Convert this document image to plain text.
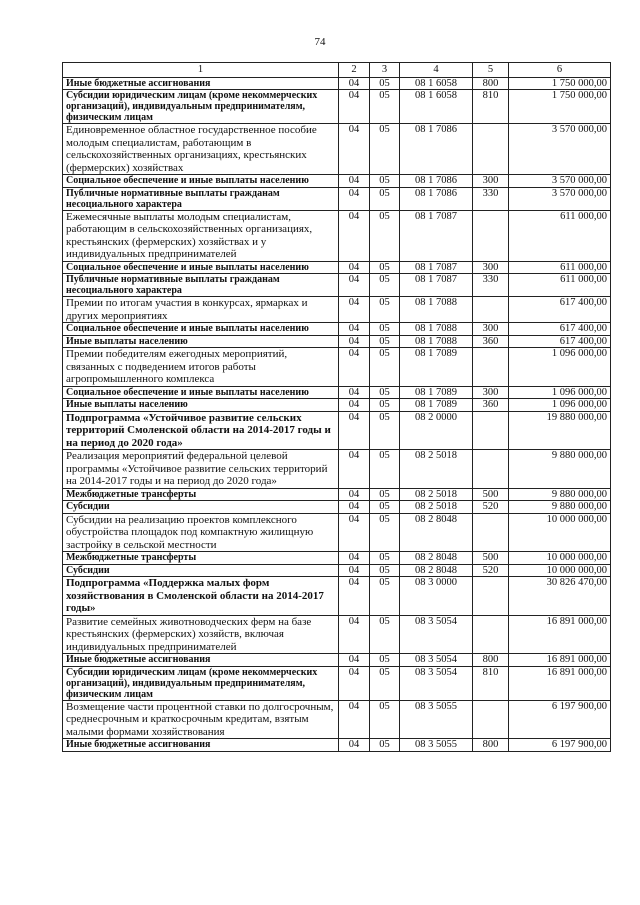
74
1	2	3	4	5	6
Иные бюджетные ассигнования	04	05	08 1 6058	800	1 750 000,00
Субсидии юридическим лицам (кроме некоммерческих организаций), индивидуальным предпринимателям, физическим лицам	04	05	08 1 6058	810	1 750 000,00
Единовременное областное государственное пособие молодым специалистам, работающим в сельскохозяйственных организациях, крестьянских (фермерских) хозяйствах	04	05	08 1 7086		3 570 000,00
Социальное обеспечение и иные выплаты населению	04	05	08 1 7086	300	3 570 000,00
Публичные нормативные выплаты гражданам несоциального характера	04	05	08 1 7086	330	3 570 000,00
Ежемесячные выплаты молодым специалистам, работающим в сельскохозяйственных организациях, крестьянских (фермерских) хозяйствах и у индивидуальных предпринимателей	04	05	08 1 7087		611 000,00
Социальное обеспечение и иные выплаты населению	04	05	08 1 7087	300	611 000,00
Публичные нормативные выплаты гражданам несоциального характера	04	05	08 1 7087	330	611 000,00
Премии по итогам участия в конкурсах, ярмарках и других мероприятиях	04	05	08 1 7088		617 400,00
Социальное обеспечение и иные выплаты населению	04	05	08 1 7088	300	617 400,00
Иные выплаты населению	04	05	08 1 7088	360	617 400,00
Премии победителям ежегодных мероприятий, связанных с подведением итогов работы агропромышленного комплекса	04	05	08 1 7089		1 096 000,00
Социальное обеспечение и иные выплаты населению	04	05	08 1 7089	300	1 096 000,00
Иные выплаты населению	04	05	08 1 7089	360	1 096 000,00
Подпрограмма «Устойчивое развитие сельских территорий Смоленской области на 2014-2017 годы и на период до 2020 года»	04	05	08 2 0000		19 880 000,00
Реализация мероприятий федеральной целевой программы «Устойчивое развитие сельских территорий на 2014-2017 годы и на период до 2020 года»	04	05	08 2 5018		9 880 000,00
Межбюджетные трансферты	04	05	08 2 5018	500	9 880 000,00
Субсидии	04	05	08 2 5018	520	9 880 000,00
Субсидии на реализацию проектов комплексного обустройства площадок под компактную жилищную застройку в сельской местности	04	05	08 2 8048		10 000 000,00
Межбюджетные трансферты	04	05	08 2 8048	500	10 000 000,00
Субсидии	04	05	08 2 8048	520	10 000 000,00
Подпрограмма «Поддержка малых форм хозяйствования в Смоленской области на 2014-2017 годы»	04	05	08 3 0000		30 826 470,00
Развитие семейных животноводческих ферм на базе крестьянских (фермерских) хозяйств, включая индивидуальных предпринимателей	04	05	08 3 5054		16 891 000,00
Иные бюджетные ассигнования	04	05	08 3 5054	800	16 891 000,00
Субсидии юридическим лицам (кроме некоммерческих организаций), индивидуальным предпринимателям, физическим лицам	04	05	08 3 5054	810	16 891 000,00
Возмещение части процентной ставки по долгосрочным, среднесрочным и краткосрочным кредитам, взятым малыми формами хозяйствования	04	05	08 3 5055		6 197 900,00
Иные бюджетные ассигнования	04	05	08 3 5055	800	6 197 900,00
